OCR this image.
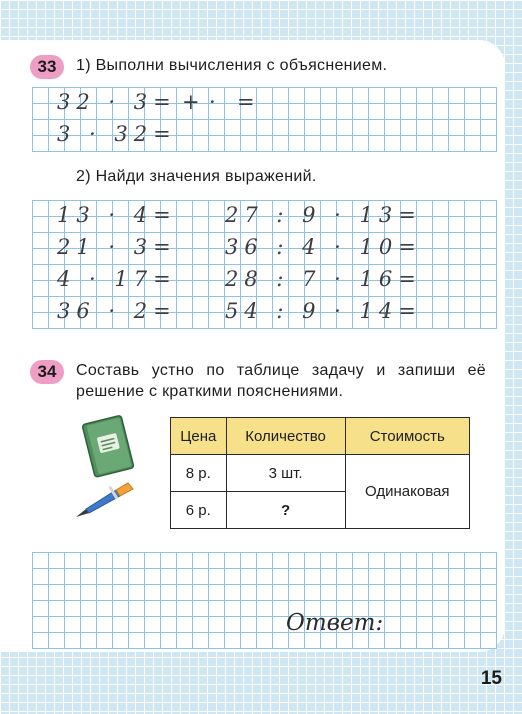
33	1) Выполни вычисления с объяснением.
32 · 3= + · =
3 · 32=
2) Найди значения выражений.
13 · 4=
21 · 3=
4 · 17=
36 · 2=
27 : 9 · 13=
36 : 4 · 10=
28 : 7 · 16=
54 : 9 · 14=
34	Составь устно по таблице задачу и запиши её
решение с краткими пояснениями.
Цена	Количество	Стоимость
8 р.	3 шт.	Одинаковая
6 р.	?	
Ответ:
15
